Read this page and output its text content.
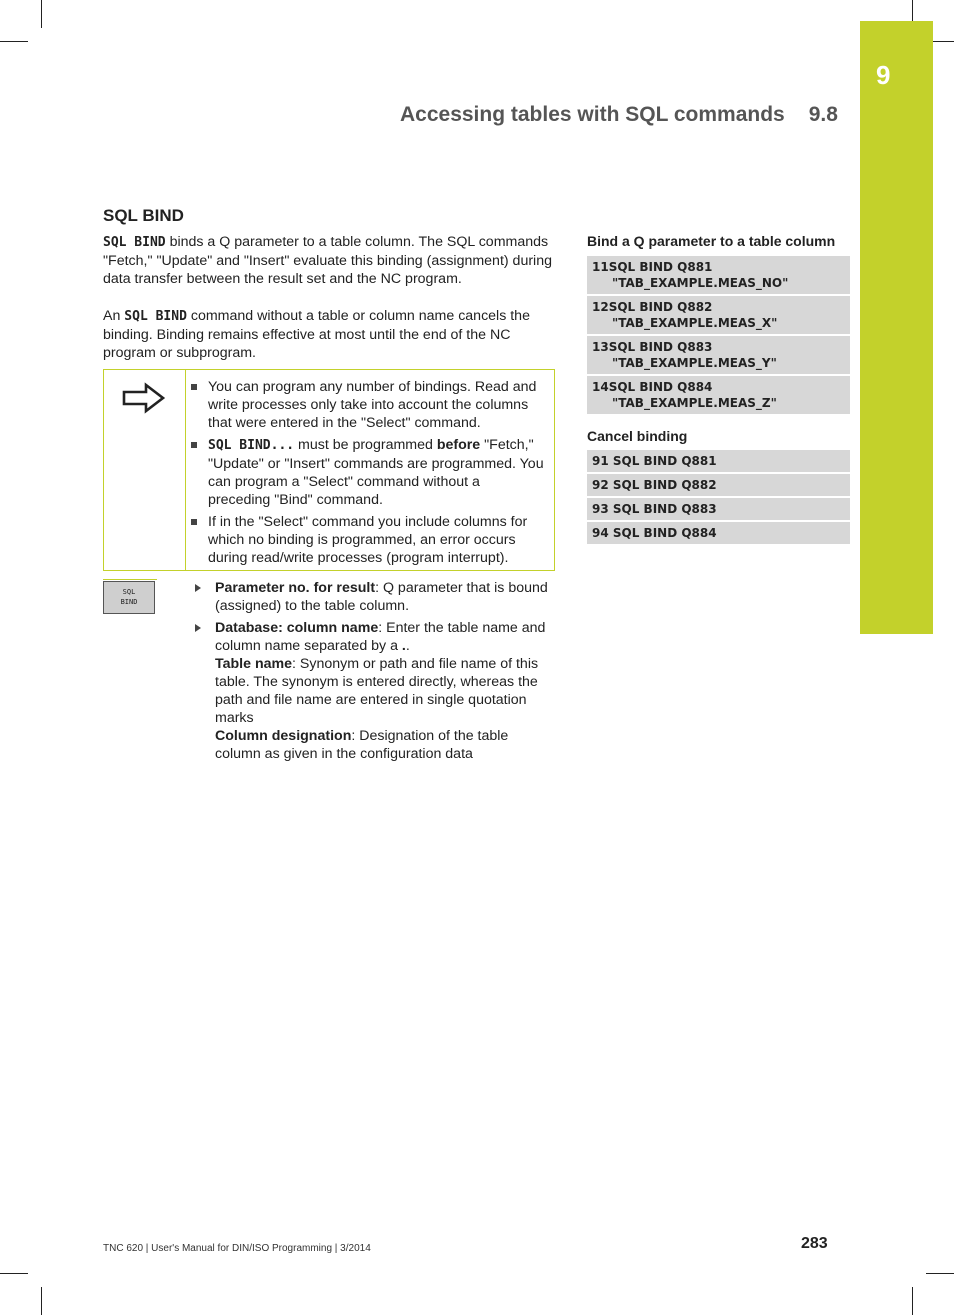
9
Accessing tables with SQL commands 9.8
SQL BIND
SQL BIND binds a Q parameter to a table column. The SQL commands "Fetch," "Update" and "Insert" evaluate this binding (assignment) during data transfer between the result set and the NC program.
An SQL BIND command without a table or column name cancels the binding. Binding remains effective at most until the end of the NC program or subprogram.
You can program any number of bindings. Read and write processes only take into account the columns that were entered in the "Select" command.
SQL BIND... must be programmed before "Fetch," "Update" or "Insert" commands are programmed. You can program a "Select" command without a preceding "Bind" command.
If in the "Select" command you include columns for which no binding is programmed, an error occurs during read/write processes (program interrupt).
SQL
BIND
Parameter no. for result: Q parameter that is bound (assigned) to the table column.
Database: column name: Enter the table name and column name separated by a ..
Table name: Synonym or path and file name of this table. The synonym is entered directly, whereas the path and file name are entered in single quotation marks
Column designation: Designation of the table column as given in the configuration data
Bind a Q parameter to a table column
11SQL BIND Q881
"TAB_EXAMPLE.MEAS_NO"
12SQL BIND Q882
"TAB_EXAMPLE.MEAS_X"
13SQL BIND Q883
"TAB_EXAMPLE.MEAS_Y"
14SQL BIND Q884
"TAB_EXAMPLE.MEAS_Z"
Cancel binding
91 SQL BIND Q881
92 SQL BIND Q882
93 SQL BIND Q883
94 SQL BIND Q884
TNC 620 | User's Manual for DIN/ISO Programming | 3/2014	283
